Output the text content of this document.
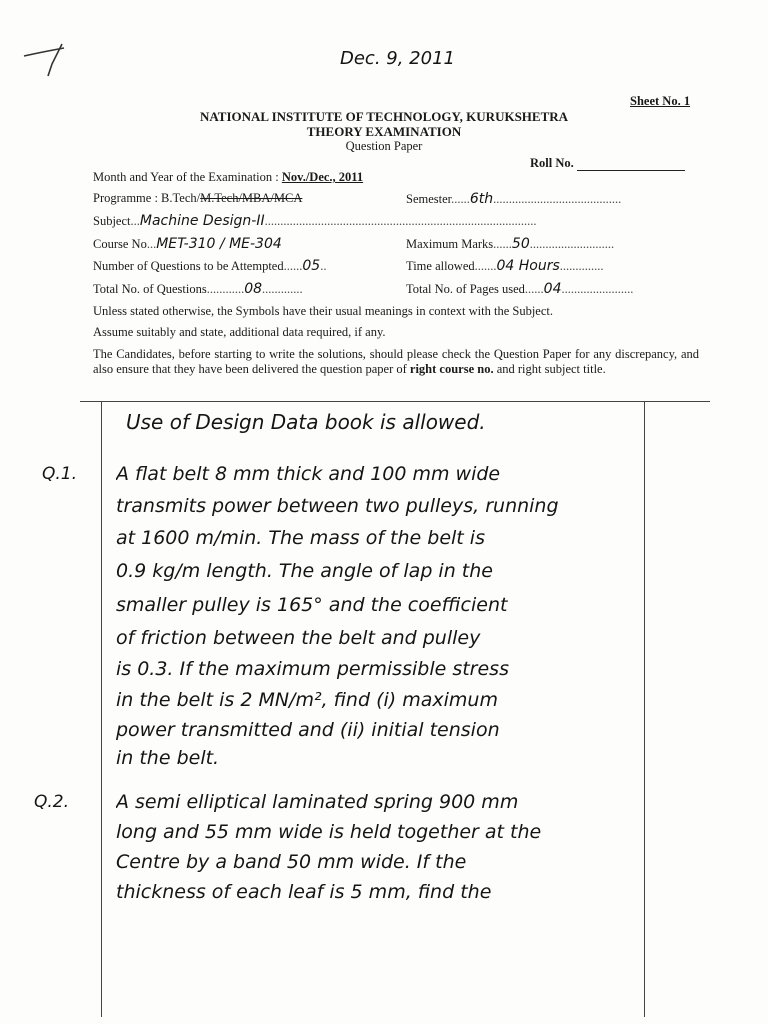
Dec. 9, 2011
Sheet No. 1
NATIONAL INSTITUTE OF TECHNOLOGY, KURUKSHETRA
THEORY EXAMINATION
Question Paper
Roll No.
Month and Year of the Examination : Nov./Dec., 2011
Programme : B.Tech/M.Tech/MBA/MCA	Semester......6th.........................................
Subject...Machine Design-II.......................................................................................
Course No...MET-310 / ME-304	Maximum Marks......50...........................
Number of Questions to be Attempted......05..	Time allowed.......04 Hours..............
Total No. of Questions............08.............	Total No. of Pages used......04.......................
Unless stated otherwise, the Symbols have their usual meanings in context with the Subject.
Assume suitably and state, additional data required, if any.
The Candidates, before starting to write the solutions, should please check the Question Paper for any discrepancy, and also ensure that they have been delivered the question paper of right course no. and right subject title.
Use of Design Data book is allowed.
Q.1. A flat belt 8 mm thick and 100 mm wide
transmits power between two pulleys, running
at 1600 m/min. The mass of the belt is
0.9 kg/m length. The angle of lap in the
smaller pulley is 165° and the coefficient
of friction between the belt and pulley
is 0.3. If the maximum permissible stress
in the belt is 2 MN/m², find (i) maximum
power transmitted and (ii) initial tension
in the belt.
Q.2. A semi elliptical laminated spring 900 mm
long and 55 mm wide is held together at the
Centre by a band 50 mm wide. If the
thickness of each leaf is 5 mm, find the
